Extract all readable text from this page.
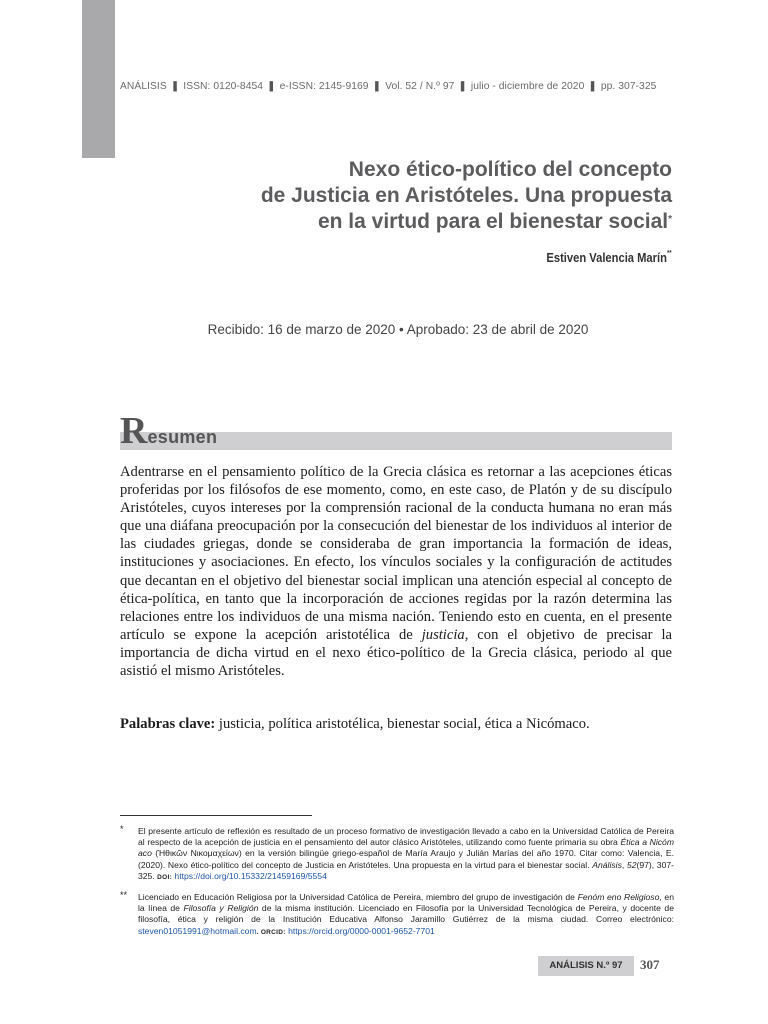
ANÁLISIS ❚ ISSN: 0120-8454 ❚ e-ISSN: 2145-9169 ❚ Vol. 52 / N.º 97 ❚ julio - diciembre de 2020 ❚ pp. 307-325
Nexo ético-político del concepto
de Justicia en Aristóteles. Una propuesta
en la virtud para el bienestar social*
Estiven Valencia Marín**
Recibido: 16 de marzo de 2020 • Aprobado: 23 de abril de 2020
Resumen

Adentrarse en el pensamiento político de la Grecia clásica es retornar a las acepciones éticas proferidas por los filósofos de ese momento, como, en este caso, de Platón y de su discípulo Aristóteles, cuyos intereses por la comprensión racional de la conducta humana no eran más que una diáfana preocupación por la consecución del bienestar de los individuos al interior de las ciudades griegas, donde se consideraba de gran importancia la formación de ideas, instituciones y asociaciones. En efecto, los vínculos sociales y la configuración de actitudes que decantan en el objetivo del bienestar social implican una atención especial al concepto de ética-política, en tanto que la incorporación de acciones regidas por la razón determina las relaciones entre los individuos de una misma nación. Teniendo esto en cuenta, en el presente artículo se expone la acepción aristotélica de justicia, con el objetivo de precisar la importancia de dicha virtud en el nexo ético-político de la Grecia clásica, periodo al que asistió el mismo Aristóteles.

Palabras clave: justicia, política aristotélica, bienestar social, ética a Nicómaco.
* El presente artículo de reflexión es resultado de un proceso formativo de investigación llevado a cabo en la Universidad Católica de Pereira al respecto de la acepción de justicia en el pensamiento del autor clásico Aristóteles, utilizando como fuente primaria su obra Ética a Nicóm aco (Ἠθικῶν Νικομαχείων) en la versión bilingüe griego-español de María Araujo y Julián Marías del año 1970. Citar como: Valencia, E. (2020). Nexo ético-político del concepto de Justicia en Aristóteles. Una propuesta en la virtud para el bienestar social. Análisis, 52(97), 307-325. DOI: https://doi.org/10.15332/21459169/5554
** Licenciado en Educación Religiosa por la Universidad Católica de Pereira, miembro del grupo de investigación de Fenóm eno Religioso, en la línea de Filosofía y Religión de la misma institución. Licenciado en Filosofía por la Universidad Tecnológica de Pereira, y docente de filosofía, ética y religión de la Institución Educativa Alfonso Jaramillo Gutiérrez de la misma ciudad. Correo electrónico: steven01051991@hotmail.com. ORCID: https://orcid.org/0000-0001-9652-7701
ANÁLISIS N.º 97	307
